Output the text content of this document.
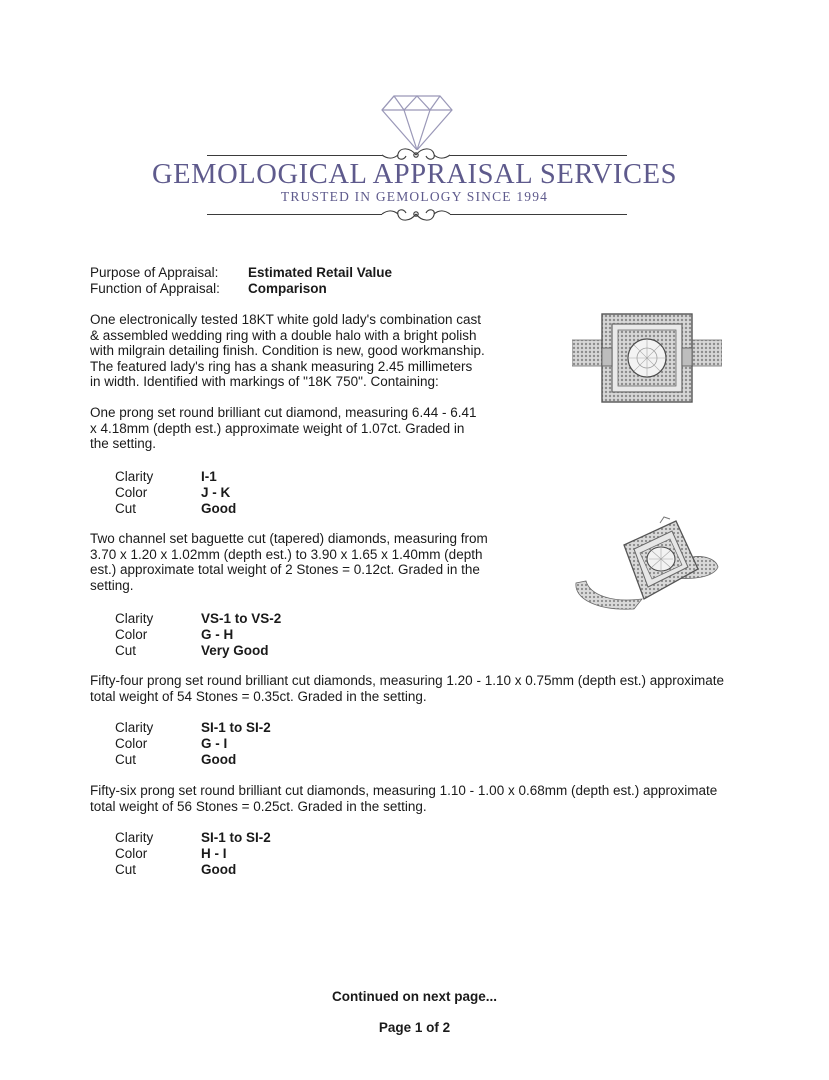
GEMOLOGICAL APPRAISAL SERVICES
TRUSTED IN GEMOLOGY SINCE 1994
Purpose of Appraisal:	Estimated Retail Value
Function of Appraisal:	Comparison

One electronically tested 18KT white gold lady's combination cast
& assembled wedding ring with a double halo with a bright polish
with milgrain detailing finish. Condition is new, good workmanship.
The featured lady's ring has a shank measuring 2.45 millimeters
in width. Identified with markings of "18K 750". Containing:

One prong set round brilliant cut diamond, measuring 6.44 - 6.41
x 4.18mm (depth est.) approximate weight of 1.07ct. Graded in
the setting.

Clarity	I-1
Color	J - K
Cut	Good

Two channel set baguette cut (tapered) diamonds, measuring from
3.70 x 1.20 x 1.02mm (depth est.) to 3.90 x 1.65 x 1.40mm (depth
est.) approximate total weight of 2 Stones = 0.12ct. Graded in the
setting.

Clarity	VS-1 to VS-2
Color	G - H
Cut	Very Good

Fifty-four prong set round brilliant cut diamonds, measuring 1.20 - 1.10 x 0.75mm (depth est.) approximate
total weight of 54 Stones = 0.35ct. Graded in the setting.

Clarity	SI-1 to SI-2
Color	G - I
Cut	Good

Fifty-six prong set round brilliant cut diamonds, measuring 1.10 - 1.00 x 0.68mm (depth est.) approximate
total weight of 56 Stones = 0.25ct. Graded in the setting.

Clarity	SI-1 to SI-2
Color	H - I
Cut	Good
Continued on next page...
Page 1 of 2
